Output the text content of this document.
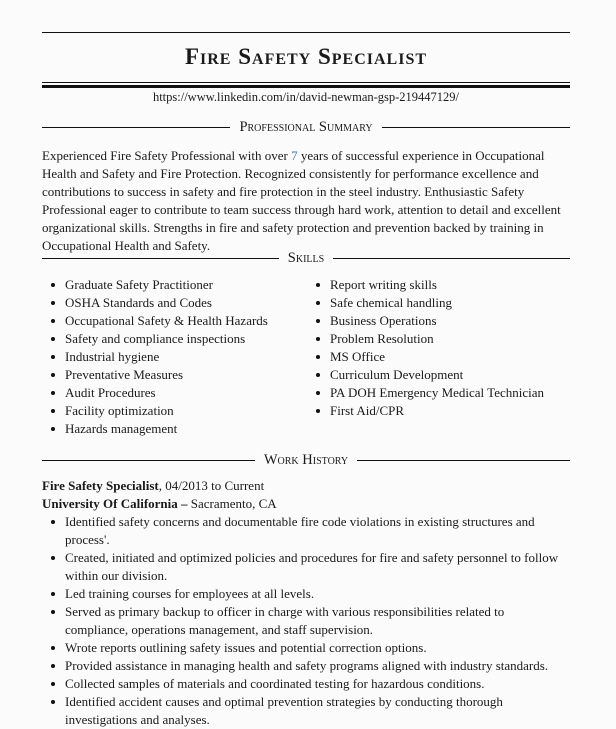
Fire Safety Specialist
https://www.linkedin.com/in/david-newman-gsp-219447129/
Professional Summary
Experienced Fire Safety Professional with over 7 years of successful experience in Occupational Health and Safety and Fire Protection. Recognized consistently for performance excellence and contributions to success in safety and fire protection in the steel industry. Enthusiastic Safety Professional eager to contribute to team success through hard work, attention to detail and excellent organizational skills. Strengths in fire and safety protection and prevention backed by training in Occupational Health and Safety.
Skills
Graduate Safety Practitioner
OSHA Standards and Codes
Occupational Safety & Health Hazards
Safety and compliance inspections
Industrial hygiene
Preventative Measures
Audit Procedures
Facility optimization
Hazards management
Report writing skills
Safe chemical handling
Business Operations
Problem Resolution
MS Office
Curriculum Development
PA DOH Emergency Medical Technician
First Aid/CPR
Work History
Fire Safety Specialist, 04/2013 to Current
University Of California – Sacramento, CA
Identified safety concerns and documentable fire code violations in existing structures and process'.
Created, initiated and optimized policies and procedures for fire and safety personnel to follow within our division.
Led training courses for employees at all levels.
Served as primary backup to officer in charge with various responsibilities related to compliance, operations management, and staff supervision.
Wrote reports outlining safety issues and potential correction options.
Provided assistance in managing health and safety programs aligned with industry standards.
Collected samples of materials and coordinated testing for hazardous conditions.
Identified accident causes and optimal prevention strategies by conducting thorough investigations and analyses.
